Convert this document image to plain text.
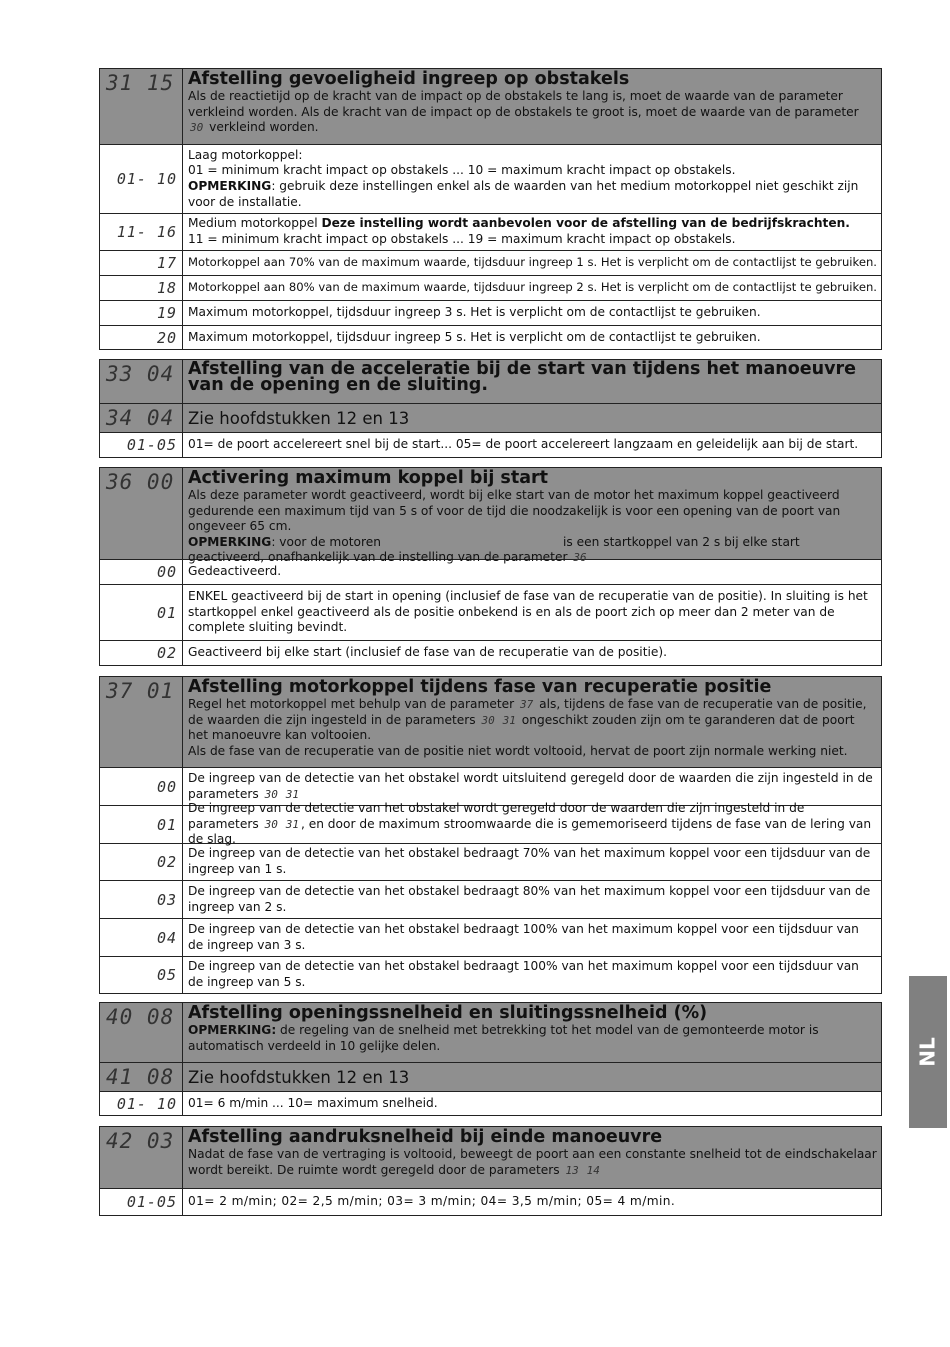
31 15 Afstelling gevoeligheid ingreep op obstakels
Als de reactietijd op de kracht van de impact op de obstakels te lang is, moet de waarde van de parameter verkleind worden. Als de kracht van de impact op de obstakels te groot is, moet de waarde van de parameter 30 verkleind worden.
01- 10
Laag motorkoppel:
01 = minimum kracht impact op obstakels ... 10 = maximum kracht impact op obstakels.
OPMERKING: gebruik deze instellingen enkel als de waarden van het medium motorkoppel niet geschikt zijn voor de installatie.
11- 16 Medium motorkoppel Deze instelling wordt aanbevolen voor de afstelling van de bedrijfskrachten.
11 = minimum kracht impact op obstakels ... 19 = maximum kracht impact op obstakels.
17 Motorkoppel aan 70% van de maximum waarde, tijdsduur ingreep 1 s. Het is verplicht om de contactlijst te gebruiken.
18 Motorkoppel aan 80% van de maximum waarde, tijdsduur ingreep 2 s. Het is verplicht om de contactlijst te gebruiken.
19 Maximum motorkoppel, tijdsduur ingreep 3 s. Het is verplicht om de contactlijst te gebruiken.
20 Maximum motorkoppel, tijdsduur ingreep 5 s. Het is verplicht om de contactlijst te gebruiken.
33 04 Afstelling van de acceleratie bij de start van tijdens het manoeuvre van de opening en de sluiting.
34 04 Zie hoofdstukken 12 en 13
01-05 01= de poort accelereert snel bij de start... 05= de poort accelereert langzaam en geleidelijk aan bij de start.
36 00 Activering maximum koppel bij start
Als deze parameter wordt geactiveerd, wordt bij elke start van de motor het maximum koppel geactiveerd gedurende een maximum tijd van 5 s of voor de tijd die noodzakelijk is voor een opening van de poort van ongeveer 65 cm.
OPMERKING: voor de motoren                                               is een startkoppel van 2 s bij elke start geactiveerd, onafhankelijk van de instelling van de parameter 36
00 Gedeactiveerd.
01
ENKEL geactiveerd bij de start in opening (inclusief de fase van de recuperatie van de positie). In sluiting is het startkoppel enkel geactiveerd als de positie onbekend is en als de poort zich op meer dan 2 meter van de complete sluiting bevindt.
02 Geactiveerd bij elke start (inclusief de fase van de recuperatie van de positie).
37 01 Afstelling motorkoppel tijdens fase van recuperatie positie
Regel het motorkoppel met behulp van de parameter 37 als, tijdens de fase van de recuperatie van de positie, de waarden die zijn ingesteld in de parameters 30 31 ongeschikt zouden zijn om te garanderen dat de poort het manoeuvre kan voltooien.
Als de fase van de recuperatie van de positie niet wordt voltooid, hervat de poort zijn normale werking niet.
00 De ingreep van de detectie van het obstakel wordt uitsluitend geregeld door de waarden die zijn ingesteld in de parameters 30 31
01
De ingreep van de detectie van het obstakel wordt geregeld door de waarden die zijn ingesteld in de parameters 30 31 , en door de maximum stroomwaarde die is gememoriseerd tijdens de fase van de lering van de slag.
02 De ingreep van de detectie van het obstakel bedraagt 70% van het maximum koppel voor een tijdsduur van de ingreep van 1 s.
03 De ingreep van de detectie van het obstakel bedraagt 80% van het maximum koppel voor een tijdsduur van de ingreep van 2 s.
04 De ingreep van de detectie van het obstakel bedraagt 100% van het maximum koppel voor een tijdsduur van de ingreep van 3 s.
05 De ingreep van de detectie van het obstakel bedraagt 100% van het maximum koppel voor een tijdsduur van de ingreep van 5 s.
40 08 Afstelling openingssnelheid en sluitingssnelheid (%)
OPMERKING: de regeling van de snelheid met betrekking tot het model van de gemonteerde motor is automatisch verdeeld in 10 gelijke delen.
41 08 Zie hoofdstukken 12 en 13
01- 10 01= 6 m/min ... 10= maximum snelheid.
42 03 Afstelling aandruksnelheid bij einde manoeuvre
Nadat de fase van de vertraging is voltooid, beweegt de poort aan een constante snelheid tot de eindschakelaar wordt bereikt. De ruimte wordt geregeld door de parameters 13 14
01-05 01= 2 m/min; 02= 2,5 m/min; 03= 3 m/min; 04= 3,5 m/min; 05= 4 m/min.
NL
